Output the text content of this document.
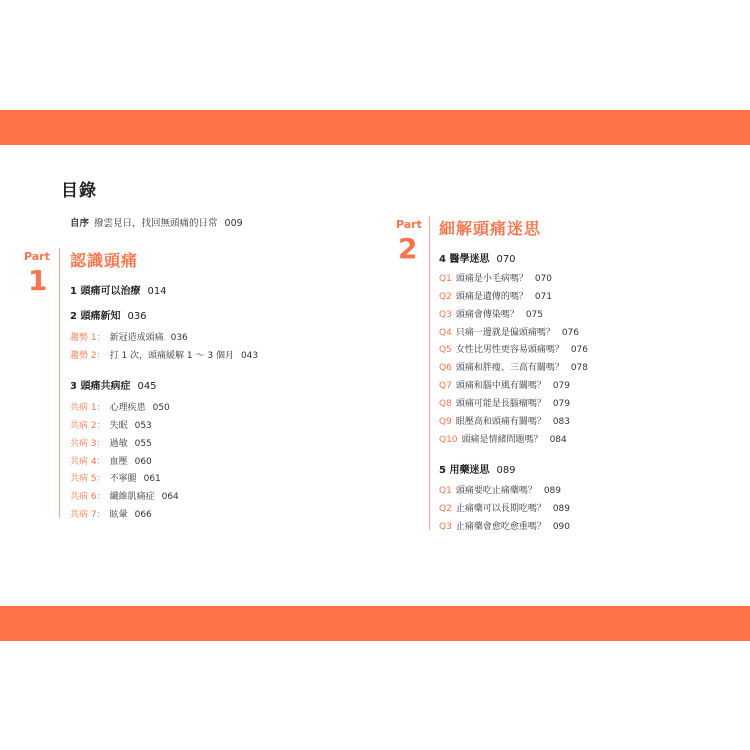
目錄
自序 撥雲見日，找回無頭痛的日常 009
Part
1
認識頭痛
1 頭痛可以治療 014
2 頭痛新知 036
趨勢 1： 新冠造成頭痛 036
趨勢 2： 打 1 次，頭痛緩解 1 ～ 3 個月 043
3 頭痛共病症 045
共病 1： 心理疾患 050
共病 2： 失眠 053
共病 3： 過敏 055
共病 4： 血壓 060
共病 5： 不寧腿 061
共病 6： 纖維肌痛症 064
共病 7： 眩暈 066
Part
2
細解頭痛迷思
4 醫學迷思 070
Q1 頭痛是小毛病嗎？ 070
Q2 頭痛是遺傳的嗎？ 071
Q3 頭痛會傳染嗎？ 075
Q4 只痛一邊就是偏頭痛嗎？ 076
Q5 女性比男性更容易頭痛嗎？ 076
Q6 頭痛和胖瘦、三高有關嗎？ 078
Q7 頭痛和腦中風有關嗎？ 079
Q8 頭痛可能是長腦瘤嗎？ 079
Q9 眼壓高和頭痛有關嗎？ 083
Q10 頭痛是情緒問題嗎？ 084
5 用藥迷思 089
Q1 頭痛要吃止痛藥嗎？ 089
Q2 止痛藥可以長期吃嗎？ 089
Q3 止痛藥會愈吃愈重嗎？ 090
